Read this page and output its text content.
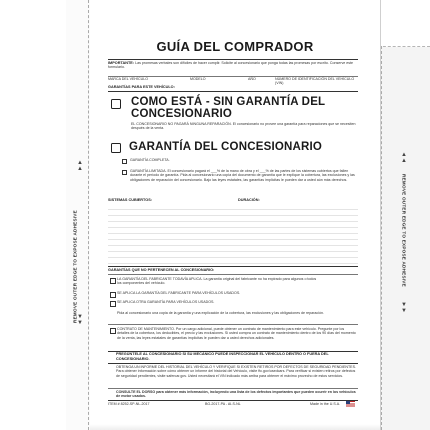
REMOVE OUTER EDGE TO EXPOSE ADHESIVE
▲
▲
▼
▼
REMOVE OUTER EDGE TO EXPOSE ADHESIVE
▲
▲
▼
▼
GUÍA DEL COMPRADOR
IMPORTANTE: Las promesas verbales son difíciles de hacer cumplir. Solicite al concesionario que ponga todas las promesas por escrito. Conserve este formulario.
MARCA DEL VEHÍCULO	MODELO	AÑO	NÚMERO DE IDENTIFICACIÓN DEL VEHÍCULO (VIN)
GARANTÍAS PARA ESTE VEHÍCULO:
COMO ESTÁ - SIN GARANTÍA DEL
CONCESIONARIO
EL CONCESIONARIO NO PAGARÁ NINGUNA REPARACIÓN. El concesionario no provee una garantía para reparaciones que se necesiten después de la venta.
GARANTÍA DEL CONCESIONARIO
GARANTÍA COMPLETA.
GARANTÍA LIMITADA. El concesionario pagará el ___% de la mano de obra y el ___% de las partes de los sistemas cubiertos que fallen durante el período de garantía. Pida al concesionario una copia del documento de garantía que le explique la cobertura, las exclusiones y las obligaciones de reparación del concesionario. Bajo las leyes estatales, las garantías implícitas le pueden dar a usted aún más derechos.
SISTEMAS CUBIERTOS:	DURACIÓN:
GARANTÍAS QUE NO PERTENECEN AL CONCESIONARIO:
LA GARANTÍA DEL FABRICANTE TODAVÍA APLICA. La garantía original del fabricante no ha expirado para algunos o todos los componentes del vehículo.
SE APLICA LA GARANTÍA DEL FABRICANTE PARA VEHÍCULOS USADOS.
SE APLICA OTRA GARANTÍA PARA VEHÍCULOS USADOS.
Pida al concesionario una copia de la garantía y una explicación de la cobertura, las exclusiones y las obligaciones de reparación.
CONTRATO DE MANTENIMIENTO. Por un cargo adicional, puede obtener un contrato de mantenimiento para este vehículo. Pregunte por los detalles de la cobertura, los deducibles, el precio y las exclusiones. Si usted compra un contrato de mantenimiento dentro de los 90 días del momento de la venta, las leyes estatales de garantías implícitas le pueden dar a usted derechos adicionales.
PREGÚNTELE AL CONCESIONARIO SI SU MECÁNICO PUEDE INSPECCIONAR EL VEHÍCULO DENTRO O FUERA DEL CONCESIONARIO.
OBTENGA UN INFORME DEL HISTORIAL DEL VEHÍCULO Y VERIFIQUE SI EXISTEN RETIROS POR DEFECTOS DE SEGURIDAD PENDIENTES. Para obtener información sobre cómo obtener un informe del historial del Vehículo, visite ftc.gov/usedcars. Para verificar si existen retiros por defectos de seguridad pendientes, visite safercar.gov. Usted necesitará el VIN indicado más arriba para obtener el máximo provecho de estos servicios.
CONSULTE EL DORSO para obtener más información, incluyendo una lista de los defectos importantes que pueden ocurrir en los vehículos de motor usados.
ITEM # 8252-SP-NL-2017	BG-2017-PA - AI-S-NL	Made in the U.S.A.
